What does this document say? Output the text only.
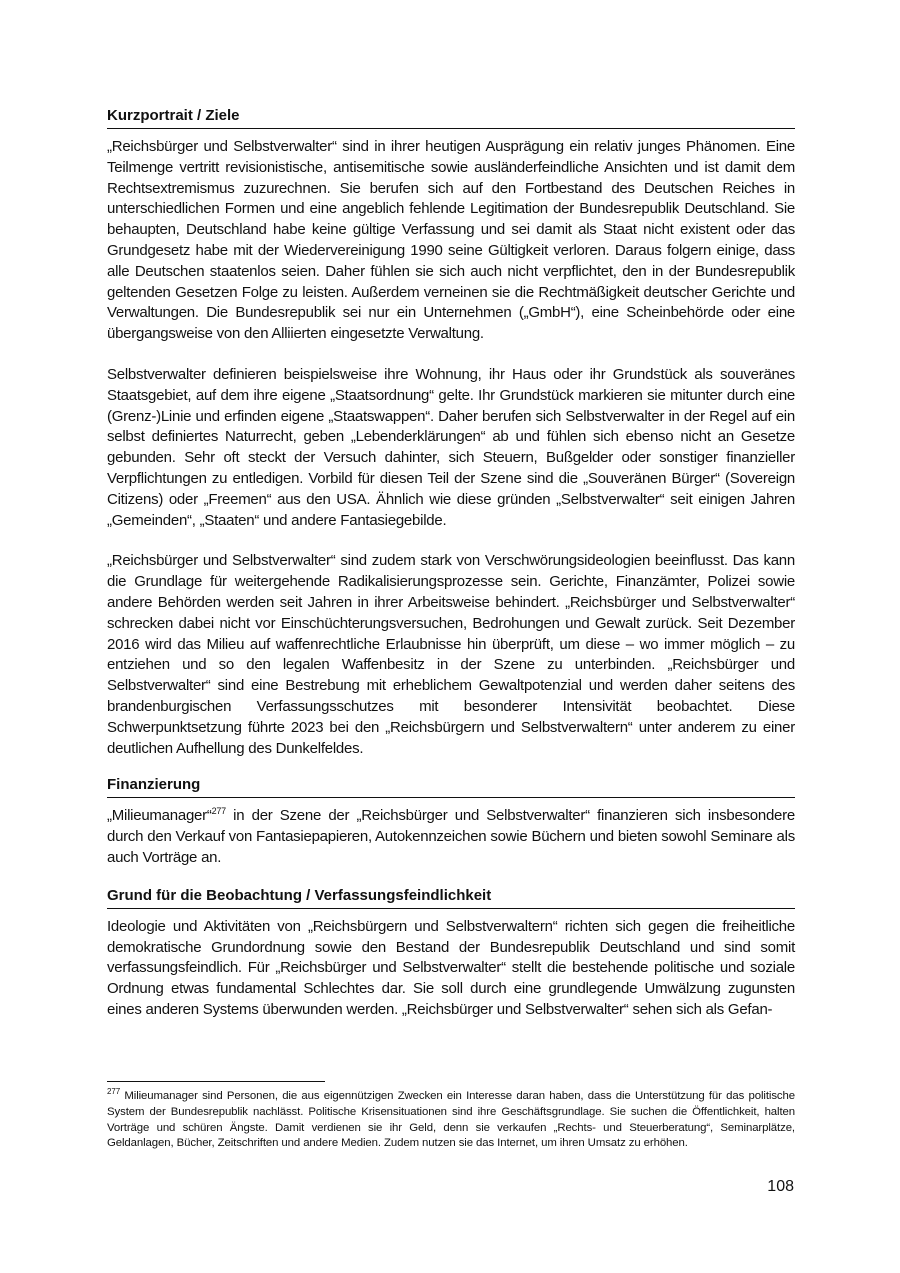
Kurzportrait / Ziele

„Reichsbürger und Selbstverwalter“ sind in ihrer heutigen Ausprägung ein relativ junges Phänomen. Eine Teilmenge vertritt revisionistische, antisemitische sowie ausländerfeindliche Ansichten und ist damit dem Rechtsextremismus zuzurechnen. Sie berufen sich auf den Fortbestand des Deutschen Reiches in unterschiedlichen Formen und eine angeblich fehlende Legitimation der Bundesrepublik Deutschland. Sie behaupten, Deutschland habe keine gültige Verfassung und sei damit als Staat nicht existent oder das Grundgesetz habe mit der Wiedervereinigung 1990 seine Gültigkeit verloren. Daraus folgern einige, dass alle Deutschen staatenlos seien. Daher fühlen sie sich auch nicht verpflichtet, den in der Bundesrepublik geltenden Gesetzen Folge zu leisten. Außerdem verneinen sie die Rechtmäßigkeit deutscher Gerichte und Verwaltungen. Die Bundesrepublik sei nur ein Unternehmen („GmbH“), eine Scheinbehörde oder eine übergangsweise von den Alliierten eingesetzte Verwaltung.

Selbstverwalter definieren beispielsweise ihre Wohnung, ihr Haus oder ihr Grundstück als souveränes Staatsgebiet, auf dem ihre eigene „Staatsordnung“ gelte. Ihr Grundstück markieren sie mitunter durch eine (Grenz-)Linie und erfinden eigene „Staatswappen“. Daher berufen sich Selbstverwalter in der Regel auf ein selbst definiertes Naturrecht, geben „Lebenderklärungen“ ab und fühlen sich ebenso nicht an Gesetze gebunden. Sehr oft steckt der Versuch dahinter, sich Steuern, Bußgelder oder sonstiger finanzieller Verpflichtungen zu entledigen. Vorbild für diesen Teil der Szene sind die „Souveränen Bürger“ (Sovereign Citizens) oder „Freemen“ aus den USA. Ähnlich wie diese gründen „Selbstverwalter“ seit einigen Jahren „Gemeinden“, „Staaten“ und andere Fantasiegebilde.

„Reichsbürger und Selbstverwalter“ sind zudem stark von Verschwörungsideologien beeinflusst. Das kann die Grundlage für weitergehende Radikalisierungsprozesse sein. Gerichte, Finanzämter, Polizei sowie andere Behörden werden seit Jahren in ihrer Arbeitsweise behindert. „Reichsbürger und Selbstverwalter“ schrecken dabei nicht vor Einschüchterungsversuchen, Bedrohungen und Gewalt zurück. Seit Dezember 2016 wird das Milieu auf waffenrechtliche Erlaubnisse hin überprüft, um diese – wo immer möglich – zu entziehen und so den legalen Waffenbesitz in der Szene zu unterbinden. „Reichsbürger und Selbstverwalter“ sind eine Bestrebung mit erheblichem Gewaltpotenzial und werden daher seitens des brandenburgischen Verfassungsschutzes mit besonderer Intensivität beobachtet. Diese Schwerpunktsetzung führte 2023 bei den „Reichsbürgern und Selbstverwaltern“ unter anderem zu einer deutlichen Aufhellung des Dunkelfeldes.

Finanzierung

„Milieumanager“$^{277}$ in der Szene der „Reichsbürger und Selbstverwalter“ finanzieren sich insbesondere durch den Verkauf von Fantasiepapieren, Autokennzeichen sowie Büchern und bieten sowohl Seminare als auch Vorträge an.

Grund für die Beobachtung / Verfassungsfeindlichkeit

Ideologie und Aktivitäten von „Reichsbürgern und Selbstverwaltern“ richten sich gegen die freiheitliche demokratische Grundordnung sowie den Bestand der Bundesrepublik Deutschland und sind somit verfassungsfeindlich. Für „Reichsbürger und Selbstverwalter“ stellt die bestehende politische und soziale Ordnung etwas fundamental Schlechtes dar. Sie soll durch eine grundlegende Umwälzung zugunsten eines anderen Systems überwunden werden. „Reichsbürger und Selbstverwalter“ sehen sich als Gefan-

$^{277}$ Milieumanager sind Personen, die aus eigennützigen Zwecken ein Interesse daran haben, dass die Unterstützung für das politische System der Bundesrepublik nachlässt. Politische Krisensituationen sind ihre Geschäftsgrundlage. Sie suchen die Öffentlichkeit, halten Vorträge und schüren Ängste. Damit verdienen sie ihr Geld, denn sie verkaufen „Rechts- und Steuerberatung“, Seminarplätze, Geldanlagen, Bücher, Zeitschriften und andere Medien. Zudem nutzen sie das Internet, um ihren Umsatz zu erhöhen.
108
